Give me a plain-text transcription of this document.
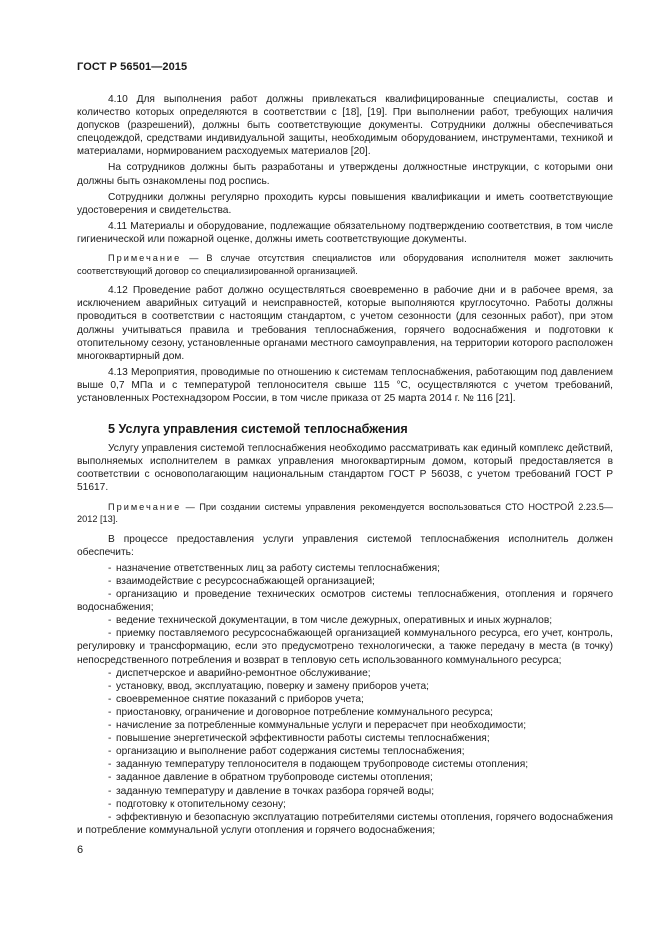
ГОСТ Р 56501—2015

4.10 Для выполнения работ должны привлекаться квалифицированные специалисты, состав и количество которых определяются в соответствии с [18], [19]. При выполнении работ, требующих наличия допусков (разрешений), должны быть соответствующие документы. Сотрудники должны обеспечиваться спецодеждой, средствами индивидуальной защиты, необходимым оборудованием, инструментами, техникой и материалами, нормированием расходуемых материалов [20].

На сотрудников должны быть разработаны и утверждены должностные инструкции, с которыми они должны быть ознакомлены под роспись.

Сотрудники должны регулярно проходить курсы повышения квалификации и иметь соответствующие удостоверения и свидетельства.

4.11 Материалы и оборудование, подлежащие обязательному подтверждению соответствия, в том числе гигиенической или пожарной оценке, должны иметь соответствующие документы.

Примечание — В случае отсутствия специалистов или оборудования исполнителя может заключить соответствующий договор со специализированной организацией.

4.12 Проведение работ должно осуществляться своевременно в рабочие дни и в рабочее время, за исключением аварийных ситуаций и неисправностей, которые выполняются круглосуточно. Работы должны проводиться в соответствии с настоящим стандартом, с учетом сезонности (для сезонных работ), при этом должны учитываться правила и требования теплоснабжения, горячего водоснабжения и подготовки к отопительному сезону, установленные органами местного самоуправления, на территории которого расположен многоквартирный дом.

4.13 Мероприятия, проводимые по отношению к системам теплоснабжения, работающим под давлением выше 0,7 МПа и с температурой теплоносителя свыше 115 °С, осуществляются с учетом требований, установленных Ростехнадзором России, в том числе приказа от 25 марта 2014 г. № 116 [21].

5 Услуга управления системой теплоснабжения

Услугу управления системой теплоснабжения необходимо рассматривать как единый комплекс действий, выполняемых исполнителем в рамках управления многоквартирным домом, который предоставляется в соответствии с основополагающим национальным стандартом ГОСТ Р 56038, с учетом требований ГОСТ Р 51617.

Примечание — При создании системы управления рекомендуется воспользоваться СТО НОСТРОЙ 2.23.5—2012 [13].

В процессе предоставления услуги управления системой теплоснабжения исполнитель должен обеспечить:

- назначение ответственных лиц за работу системы теплоснабжения;
- взаимодействие с ресурсоснабжающей организацией;
- организацию и проведение технических осмотров системы теплоснабжения, отопления и горячего водоснабжения;
- ведение технической документации, в том числе дежурных, оперативных и иных журналов;
- приемку поставляемого ресурсоснабжающей организацией коммунального ресурса, его учет, контроль, регулировку и трансформацию, если это предусмотрено технологически, а также передачу в места (в точку) непосредственного потребления и возврат в тепловую сеть использованного коммунального ресурса;
- диспетчерское и аварийно-ремонтное обслуживание;
- установку, ввод, эксплуатацию, поверку и замену приборов учета;
- своевременное снятие показаний с приборов учета;
- приостановку, ограничение и договорное потребление коммунального ресурса;
- начисление за потребленные коммунальные услуги и перерасчет при необходимости;
- повышение энергетической эффективности работы системы теплоснабжения;
- организацию и выполнение работ содержания системы теплоснабжения;
- заданную температуру теплоносителя в подающем трубопроводе системы отопления;
- заданное давление в обратном трубопроводе системы отопления;
- заданную температуру и давление в точках разбора горячей воды;
- подготовку к отопительному сезону;
- эффективную и безопасную эксплуатацию потребителями системы отопления, горячего водоснабжения и потребление коммунальной услуги отопления и горячего водоснабжения;
6
